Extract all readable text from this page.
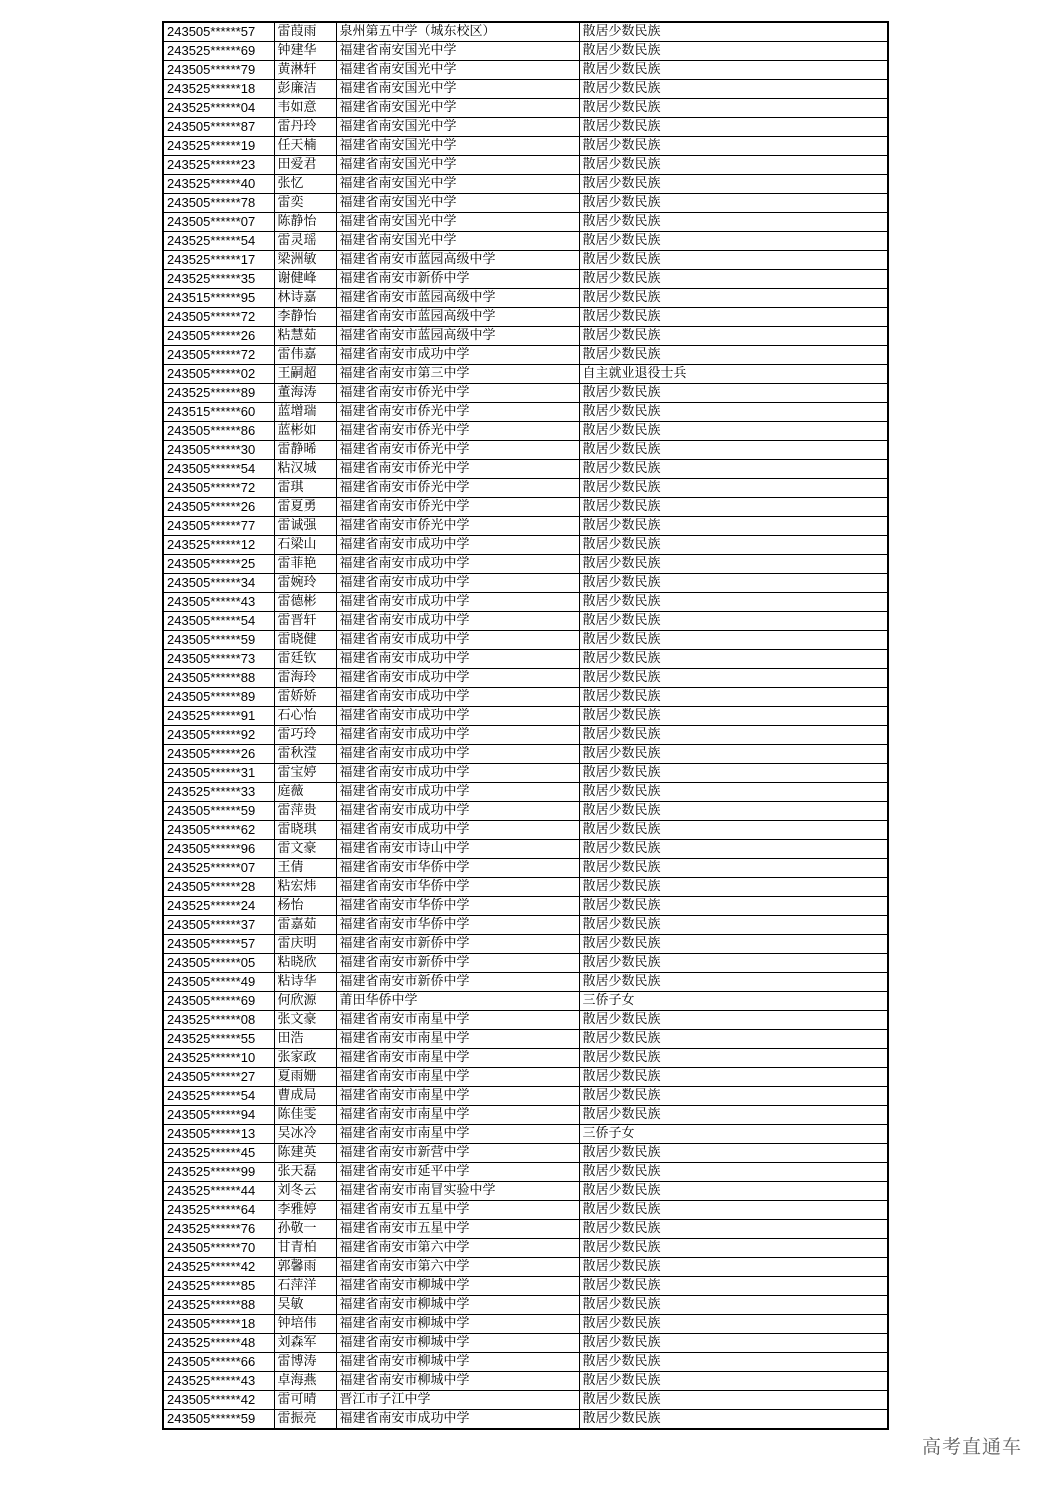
243505******57	雷葭雨	泉州第五中学（城东校区）	散居少数民族
243525******69	钟建华	福建省南安国光中学	散居少数民族
243505******79	黄淋轩	福建省南安国光中学	散居少数民族
243525******18	彭廉洁	福建省南安国光中学	散居少数民族
243525******04	韦如意	福建省南安国光中学	散居少数民族
243505******87	雷丹玲	福建省南安国光中学	散居少数民族
243525******19	任天楠	福建省南安国光中学	散居少数民族
243525******23	田爱君	福建省南安国光中学	散居少数民族
243525******40	张忆	福建省南安国光中学	散居少数民族
243505******78	雷奕	福建省南安国光中学	散居少数民族
243505******07	陈静怡	福建省南安国光中学	散居少数民族
243525******54	雷灵瑶	福建省南安国光中学	散居少数民族
243525******17	梁洲敏	福建省南安市蓝园高级中学	散居少数民族
243525******35	谢健峰	福建省南安市新侨中学	散居少数民族
243515******95	林诗嘉	福建省南安市蓝园高级中学	散居少数民族
243505******72	李静怡	福建省南安市蓝园高级中学	散居少数民族
243505******26	粘慧茹	福建省南安市蓝园高级中学	散居少数民族
243505******72	雷伟嘉	福建省南安市成功中学	散居少数民族
243505******02	王嗣超	福建省南安市第三中学	自主就业退役士兵
243525******89	董海涛	福建省南安市侨光中学	散居少数民族
243515******60	蓝增瑞	福建省南安市侨光中学	散居少数民族
243505******86	蓝彬如	福建省南安市侨光中学	散居少数民族
243505******30	雷静晞	福建省南安市侨光中学	散居少数民族
243505******54	粘汉城	福建省南安市侨光中学	散居少数民族
243505******72	雷琪	福建省南安市侨光中学	散居少数民族
243505******26	雷夏勇	福建省南安市侨光中学	散居少数民族
243505******77	雷诚强	福建省南安市侨光中学	散居少数民族
243525******12	石梁山	福建省南安市成功中学	散居少数民族
243505******25	雷菲艳	福建省南安市成功中学	散居少数民族
243505******34	雷婉玲	福建省南安市成功中学	散居少数民族
243505******43	雷德彬	福建省南安市成功中学	散居少数民族
243505******54	雷晋轩	福建省南安市成功中学	散居少数民族
243505******59	雷晓健	福建省南安市成功中学	散居少数民族
243505******73	雷廷钦	福建省南安市成功中学	散居少数民族
243505******88	雷海玲	福建省南安市成功中学	散居少数民族
243505******89	雷娇娇	福建省南安市成功中学	散居少数民族
243525******91	石心怡	福建省南安市成功中学	散居少数民族
243505******92	雷巧玲	福建省南安市成功中学	散居少数民族
243505******26	雷秋滢	福建省南安市成功中学	散居少数民族
243505******31	雷宝婷	福建省南安市成功中学	散居少数民族
243525******33	庭薇	福建省南安市成功中学	散居少数民族
243505******59	雷萍贵	福建省南安市成功中学	散居少数民族
243505******62	雷晓琪	福建省南安市成功中学	散居少数民族
243505******96	雷文豪	福建省南安市诗山中学	散居少数民族
243525******07	王倩	福建省南安市华侨中学	散居少数民族
243505******28	粘宏炜	福建省南安市华侨中学	散居少数民族
243525******24	杨怡	福建省南安市华侨中学	散居少数民族
243505******37	雷嘉茹	福建省南安市华侨中学	散居少数民族
243505******57	雷庆明	福建省南安市新侨中学	散居少数民族
243505******05	粘晓欣	福建省南安市新侨中学	散居少数民族
243505******49	粘诗华	福建省南安市新侨中学	散居少数民族
243505******69	何欣源	莆田华侨中学	三侨子女
243525******08	张文豪	福建省南安市南星中学	散居少数民族
243525******55	田浩	福建省南安市南星中学	散居少数民族
243525******10	张家政	福建省南安市南星中学	散居少数民族
243505******27	夏雨姗	福建省南安市南星中学	散居少数民族
243525******54	曹成局	福建省南安市南星中学	散居少数民族
243505******94	陈佳雯	福建省南安市南星中学	散居少数民族
243505******13	吴冰冷	福建省南安市南星中学	三侨子女
243525******45	陈建英	福建省南安市新营中学	散居少数民族
243525******99	张天磊	福建省南安市延平中学	散居少数民族
243525******44	刘冬云	福建省南安市南冒实验中学	散居少数民族
243525******64	李雅婷	福建省南安市五星中学	散居少数民族
243525******76	孙敬一	福建省南安市五星中学	散居少数民族
243505******70	甘青柏	福建省南安市第六中学	散居少数民族
243525******42	郭馨雨	福建省南安市第六中学	散居少数民族
243525******85	石萍洋	福建省南安市柳城中学	散居少数民族
243525******88	吴敏	福建省南安市柳城中学	散居少数民族
243505******18	钟培伟	福建省南安市柳城中学	散居少数民族
243525******48	刘森军	福建省南安市柳城中学	散居少数民族
243505******66	雷博涛	福建省南安市柳城中学	散居少数民族
243525******43	卓海燕	福建省南安市柳城中学	散居少数民族
243505******42	雷可晴	晋江市子江中学	散居少数民族
243505******59	雷振亮	福建省南安市成功中学	散居少数民族
高考直通车
